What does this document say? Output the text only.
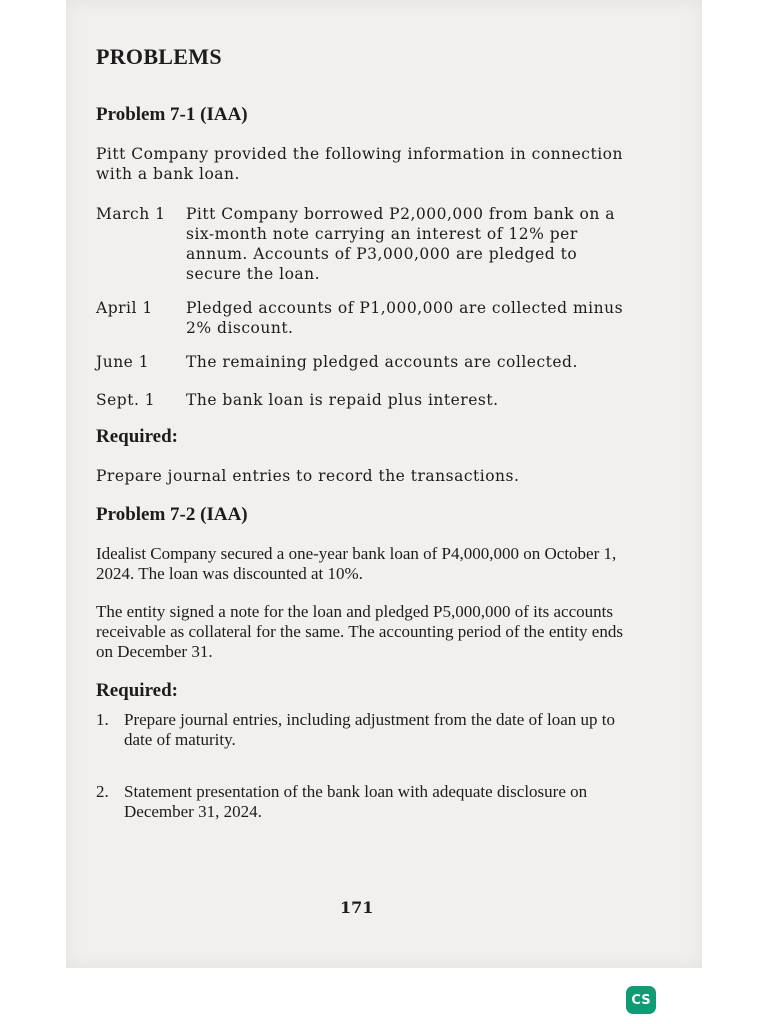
PROBLEMS
Problem 7-1 (IAA)

Pitt Company provided the following information in connection with a bank loan.

March 1	Pitt Company borrowed P2,000,000 from bank on a six-month note carrying an interest of 12% per annum. Accounts of P3,000,000 are pledged to secure the loan.
April 1	Pledged accounts of P1,000,000 are collected minus 2% discount.
June 1	The remaining pledged accounts are collected.
Sept. 1	The bank loan is repaid plus interest.
Required:

Prepare journal entries to record the transactions.

Problem 7-2 (IAA)

Idealist Company secured a one-year bank loan of P4,000,000 on October 1, 2024. The loan was discounted at 10%.

The entity signed a note for the loan and pledged P5,000,000 of its accounts receivable as collateral for the same. The accounting period of the entity ends on December 31.

Required:
1. Prepare journal entries, including adjustment from the date of loan up to date of maturity.
2. Statement presentation of the bank loan with adequate disclosure on December 31, 2024.
171
CS
